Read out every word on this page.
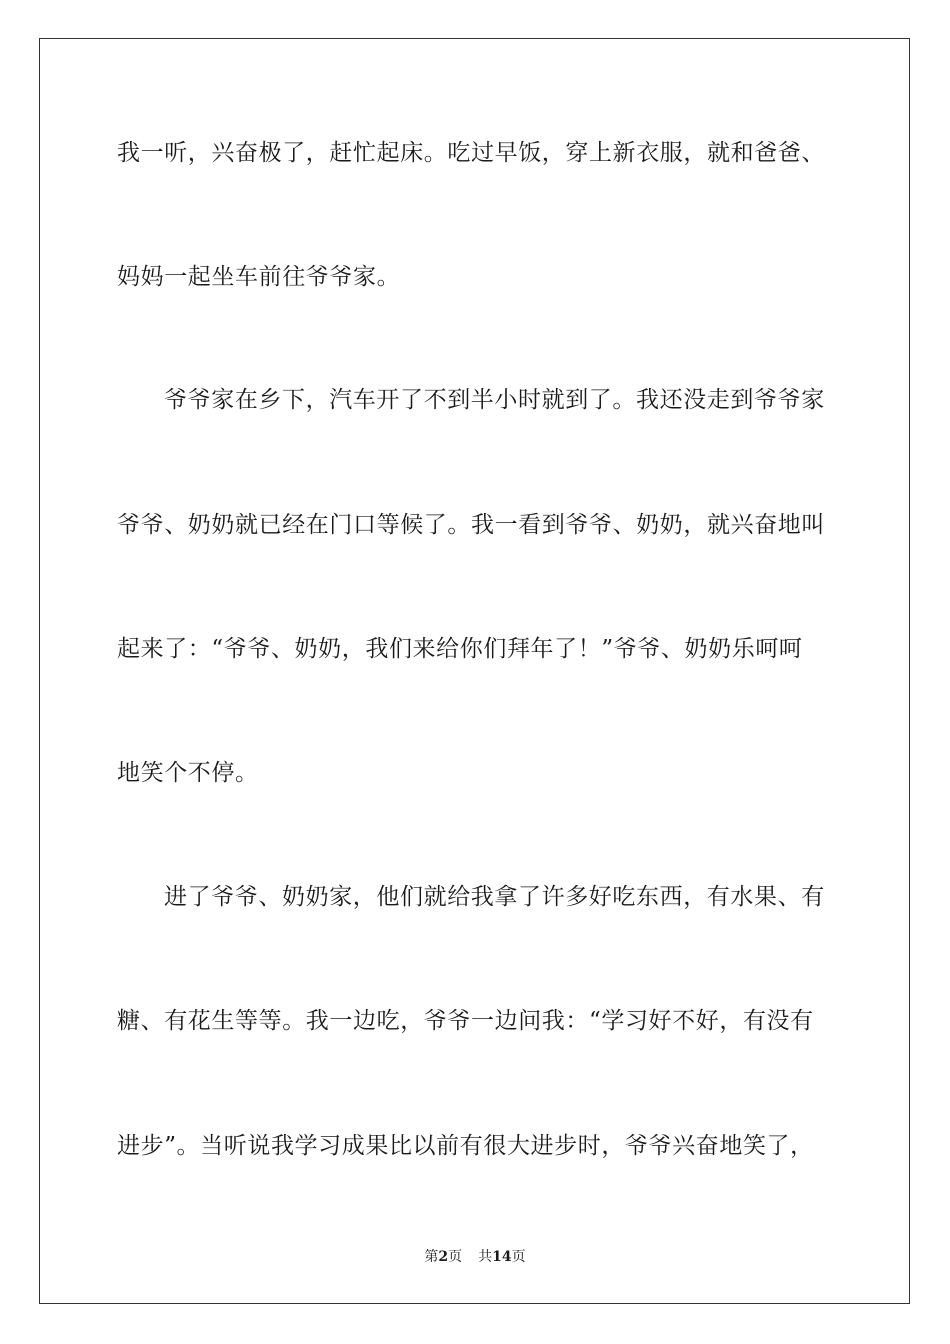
我一听，兴奋极了，赶忙起床。吃过早饭，穿上新衣服，就和爸爸、
妈妈一起坐车前往爷爷家。
爷爷家在乡下，汽车开了不到半小时就到了。我还没走到爷爷家
爷爷、奶奶就已经在门口等候了。我一看到爷爷、奶奶，就兴奋地叫
起来了：“爷爷、奶奶，我们来给你们拜年了！”爷爷、奶奶乐呵呵
地笑个不停。
进了爷爷、奶奶家，他们就给我拿了许多好吃东西，有水果、有
糖、有花生等等。我一边吃，爷爷一边问我：“学习好不好，有没有
进步”。当听说我学习成果比以前有很大进步时，爷爷兴奋地笑了，
第2页 共14页
